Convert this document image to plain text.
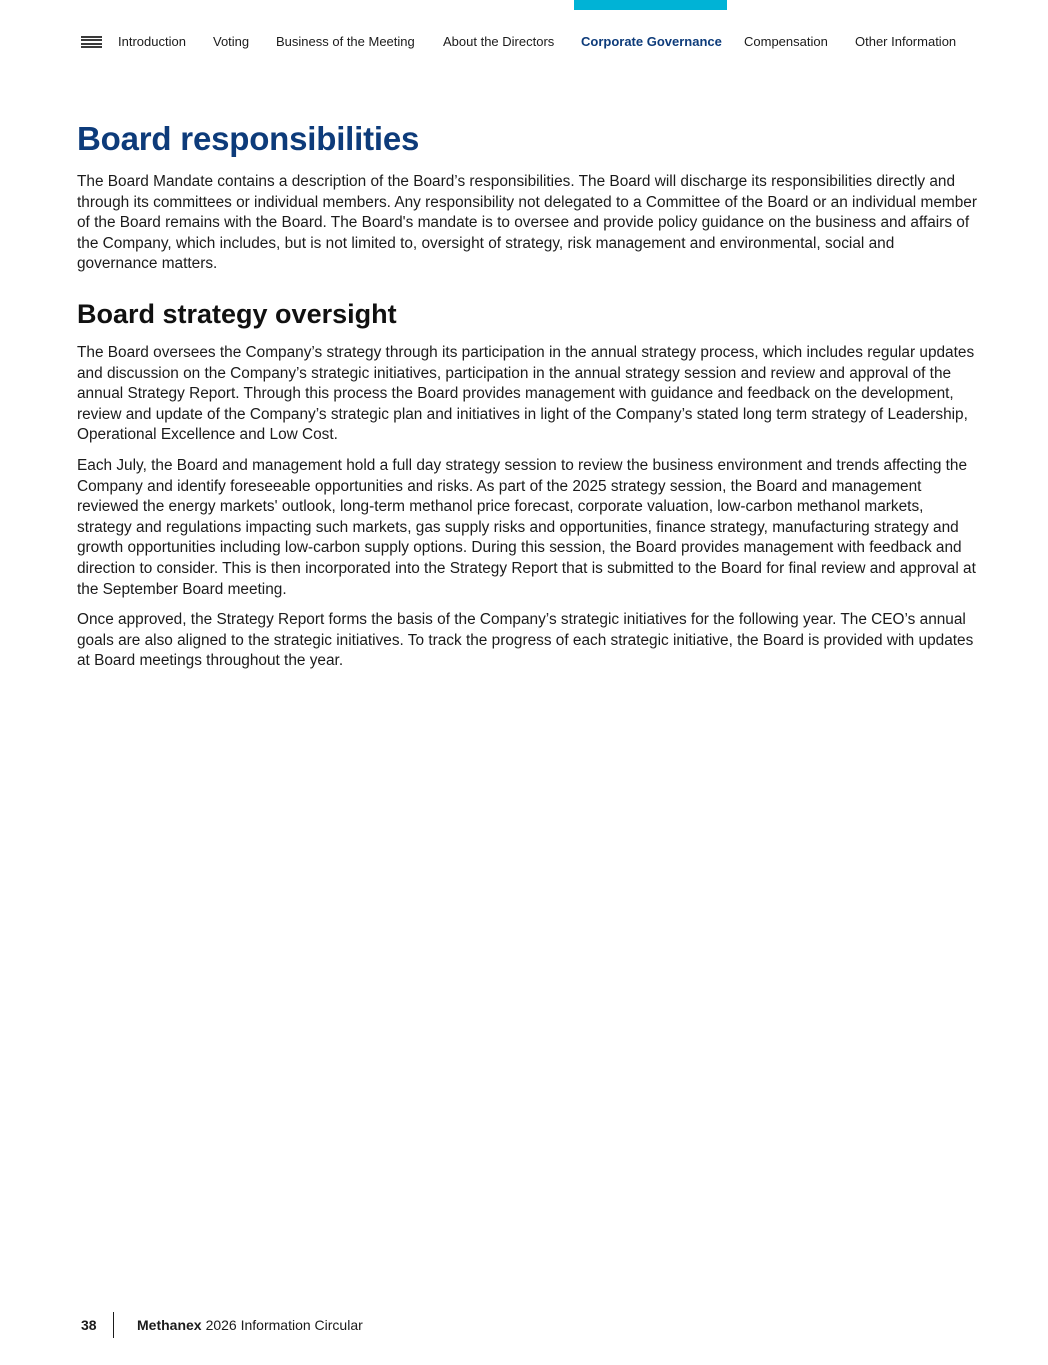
Introduction Voting Business of the Meeting About the Directors Corporate Governance Compensation Other Information
Board responsibilities

The Board Mandate contains a description of the Board’s responsibilities. The Board will discharge its responsibilities directly and through its committees or individual members. Any responsibility not delegated to a Committee of the Board or an individual member of the Board remains with the Board. The Board's mandate is to oversee and provide policy guidance on the business and affairs of the Company, which includes, but is not limited to, oversight of strategy, risk management and environmental, social and governance matters.

Board strategy oversight

The Board oversees the Company’s strategy through its participation in the annual strategy process, which includes regular updates and discussion on the Company’s strategic initiatives, participation in the annual strategy session and review and approval of the annual Strategy Report. Through this process the Board provides management with guidance and feedback on the development, review and update of the Company’s strategic plan and initiatives in light of the Company’s stated long term strategy of Leadership, Operational Excellence and Low Cost.

Each July, the Board and management hold a full day strategy session to review the business environment and trends affecting the Company and identify foreseeable opportunities and risks. As part of the 2025 strategy session, the Board and management reviewed the energy markets' outlook, long-term methanol price forecast, corporate valuation, low-carbon methanol markets, strategy and regulations impacting such markets, gas supply risks and opportunities, finance strategy, manufacturing strategy and growth opportunities including low-carbon supply options. During this session, the Board provides management with feedback and direction to consider. This is then incorporated into the Strategy Report that is submitted to the Board for final review and approval at the September Board meeting.

Once approved, the Strategy Report forms the basis of the Company’s strategic initiatives for the following year. The CEO’s annual goals are also aligned to the strategic initiatives. To track the progress of each strategic initiative, the Board is provided with updates at Board meetings throughout the year.

38	Methanex 2026 Information Circular
